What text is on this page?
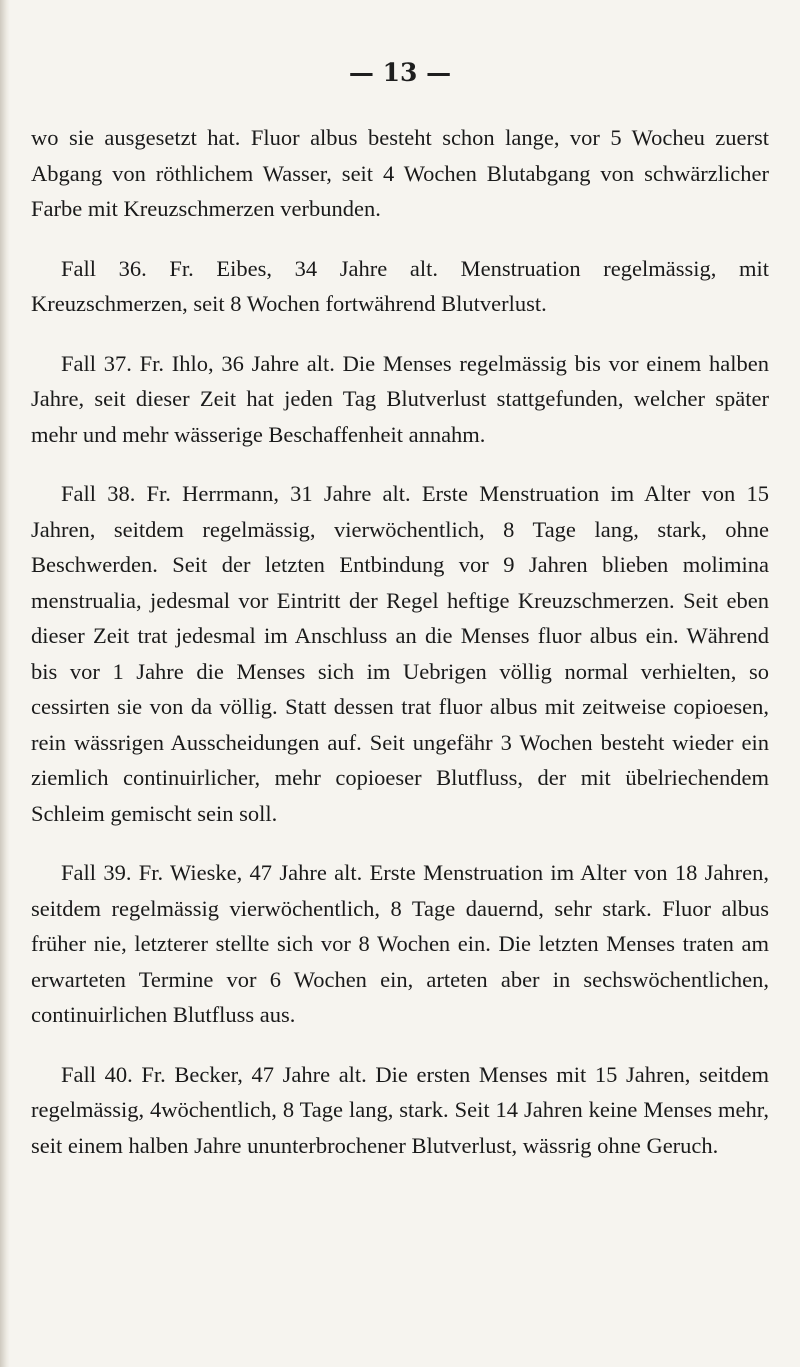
— 13 —

wo sie ausgesetzt hat. Fluor albus besteht schon lange, vor 5 Wocheu zuerst Abgang von röthlichem Wasser, seit 4 Wochen Blutabgang von schwärzlicher Farbe mit Kreuzschmerzen verbunden.

Fall 36. Fr. Eibes, 34 Jahre alt. Menstruation regelmässig, mit Kreuzschmerzen, seit 8 Wochen fortwährend Blutverlust.

Fall 37. Fr. Ihlo, 36 Jahre alt. Die Menses regelmässig bis vor einem halben Jahre, seit dieser Zeit hat jeden Tag Blutverlust stattgefunden, welcher später mehr und mehr wässerige Beschaffenheit annahm.

Fall 38. Fr. Herrmann, 31 Jahre alt. Erste Menstruation im Alter von 15 Jahren, seitdem regelmässig, vierwöchentlich, 8 Tage lang, stark, ohne Beschwerden. Seit der letzten Entbindung vor 9 Jahren blieben molimina menstrualia, jedesmal vor Eintritt der Regel heftige Kreuzschmerzen. Seit eben dieser Zeit trat jedesmal im Anschluss an die Menses fluor albus ein. Während bis vor 1 Jahre die Menses sich im Uebrigen völlig normal verhielten, so cessirten sie von da völlig. Statt dessen trat fluor albus mit zeitweise copioesen, rein wässrigen Ausscheidungen auf. Seit ungefähr 3 Wochen besteht wieder ein ziemlich continuirlicher, mehr copioeser Blutfluss, der mit übelriechendem Schleim gemischt sein soll.

Fall 39. Fr. Wieske, 47 Jahre alt. Erste Menstruation im Alter von 18 Jahren, seitdem regelmässig vierwöchentlich, 8 Tage dauernd, sehr stark. Fluor albus früher nie, letzterer stellte sich vor 8 Wochen ein. Die letzten Menses traten am erwarteten Termine vor 6 Wochen ein, arteten aber in sechswöchentlichen, continuirlichen Blutfluss aus.

Fall 40. Fr. Becker, 47 Jahre alt. Die ersten Menses mit 15 Jahren, seitdem regelmässig, 4wöchentlich, 8 Tage lang, stark. Seit 14 Jahren keine Menses mehr, seit einem halben Jahre ununterbrochener Blutverlust, wässrig ohne Geruch.
